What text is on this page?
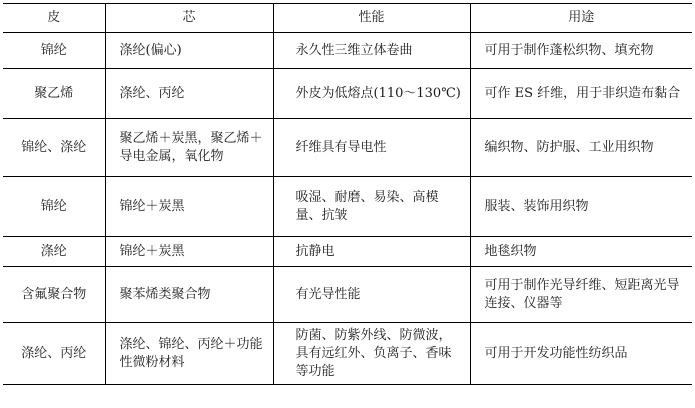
皮	芯	性能	用途
锦纶	涤纶(偏心)	永久性三维立体卷曲	可用于制作蓬松织物、填充物
聚乙烯	涤纶、丙纶	外皮为低熔点(110～130℃)	可作 ES 纤维，用于非织造布黏合
锦纶、涤纶	聚乙烯＋炭黑，聚乙烯＋导电金属，氧化物	纤维具有导电性	编织物、防护服、工业用织物
锦纶	锦纶＋炭黑	吸湿、耐磨、易染、高模量、抗皱	服装、装饰用织物
涤纶	锦纶＋炭黑	抗静电	地毯织物
含氟聚合物	聚苯烯类聚合物	有光导性能	可用于制作光导纤维、短距离光导连接、仪器等
涤纶、丙纶	涤纶、锦纶、丙纶＋功能性微粉材料	防菌、防紫外线、防微波，具有远红外、负离子、香味等功能	可用于开发功能性纺织品
